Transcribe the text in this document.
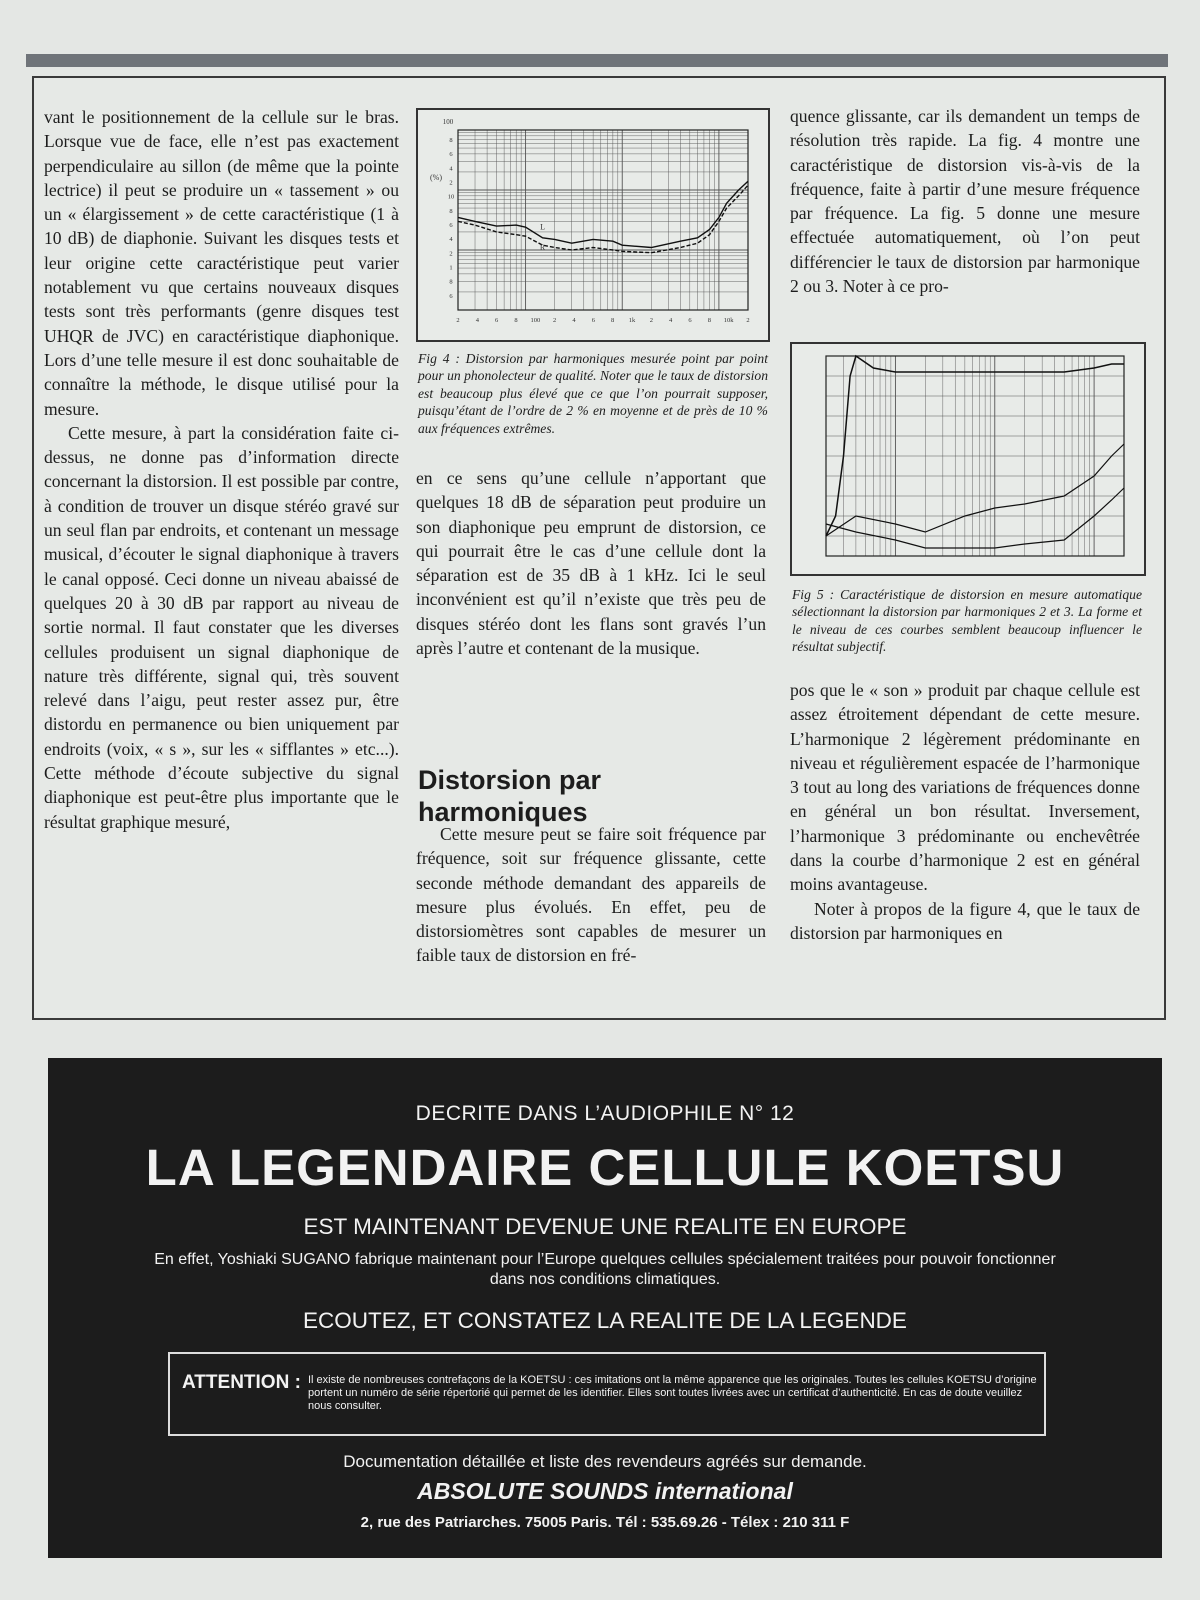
vant le positionnement de la cellule sur le bras. Lorsque vue de face, elle n’est pas exactement perpendiculaire au sillon (de même que la pointe lectrice) il peut se produire un « tassement » ou un « élargissement » de cette caractéristique (1 à 10 dB) de diaphonie. Suivant les disques tests et leur origine cette caractéristique peut varier notablement vu que certains nouveaux disques tests sont très performants (genre disques test UHQR de JVC) en caractéristique diaphonique. Lors d’une telle mesure il est donc souhaitable de connaître la méthode, le disque utilisé pour la mesure.

Cette mesure, à part la considération faite ci-dessus, ne donne pas d’information directe concernant la distorsion. Il est possible par contre, à condition de trouver un disque stéréo gravé sur un seul flan par endroits, et contenant un message musical, d’écouter le signal diaphonique à travers le canal opposé. Ceci donne un niveau abaissé de quelques 20 à 30 dB par rapport au niveau de sortie normal. Il faut constater que les diverses cellules produisent un signal diaphonique de nature très différente, signal qui, très souvent relevé dans l’aigu, peut rester assez pur, être distordu en permanence ou bien uniquement par endroits (voix, « s », sur les « sifflantes » etc...). Cette méthode d’écoute subjective du signal diaphonique est peut-être plus importante que le résultat graphique mesuré,

100
(%)
8
6
4
2
10
8
6
4
2
1
8
6
2 4 6 8 100 2 4 6 8 1k 2 4 6 8 10k 2
L
R
Fig 4 : Distorsion par harmoniques mesurée point par point pour un phonolecteur de qualité. Noter que le taux de distorsion est beaucoup plus élevé que ce que l’on pourrait supposer, puisqu’étant de l’ordre de 2 % en moyenne et de près de 10 % aux fréquences extrêmes.

en ce sens qu’une cellule n’apportant que quelques 18 dB de séparation peut produire un son diaphonique peu emprunt de distorsion, ce qui pourrait être le cas d’une cellule dont la séparation est de 35 dB à 1 kHz. Ici le seul inconvénient est qu’il n’existe que très peu de disques stéréo dont les flans sont gravés l’un après l’autre et contenant de la musique.

Distorsion par harmoniques

Cette mesure peut se faire soit fréquence par fréquence, soit sur fréquence glissante, cette seconde méthode demandant des appareils de mesure plus évolués. En effet, peu de distorsiomètres sont capables de mesurer un faible taux de distorsion en fré-

quence glissante, car ils demandent un temps de résolution très rapide. La fig. 4 montre une caractéristique de distorsion vis-à-vis de la fréquence, faite à partir d’une mesure fréquence par fréquence. La fig. 5 donne une mesure effectuée automatiquement, où l’on peut différencier le taux de distorsion par harmonique 2 ou 3. Noter à ce pro-

Fig 5 : Caractéristique de distorsion en mesure automatique sélectionnant la distorsion par harmoniques 2 et 3. La forme et le niveau de ces courbes semblent beaucoup influencer le résultat subjectif.

pos que le « son » produit par chaque cellule est assez étroitement dépendant de cette mesure. L’harmonique 2 légèrement prédominante en niveau et régulièrement espacée de l’harmonique 3 tout au long des variations de fréquences donne en général un bon résultat. Inversement, l’harmonique 3 prédominante ou enchevêtrée dans la courbe d’harmonique 2 est en général moins avantageuse.

Noter à propos de la figure 4, que le taux de distorsion par harmoniques en

DECRITE DANS L’AUDIOPHILE N° 12
LA LEGENDAIRE CELLULE KOETSU
EST MAINTENANT DEVENUE UNE REALITE EN EUROPE
En effet, Yoshiaki SUGANO fabrique maintenant pour l’Europe quelques cellules spécialement traitées pour pouvoir fonctionner dans nos conditions climatiques.
ECOUTEZ, ET CONSTATEZ LA REALITE DE LA LEGENDE
ATTENTION : Il existe de nombreuses contrefaçons de la KOETSU : ces imitations ont la même apparence que les originales. Toutes les cellules KOETSU d’origine portent un numéro de série répertorié qui permet de les identifier. Elles sont toutes livrées avec un certificat d’authenticité. En cas de doute veuillez nous consulter.
Documentation détaillée et liste des revendeurs agréés sur demande.
ABSOLUTE SOUNDS international
2, rue des Patriarches. 75005 Paris. Tél : 535.69.26 - Télex : 210 311 F
